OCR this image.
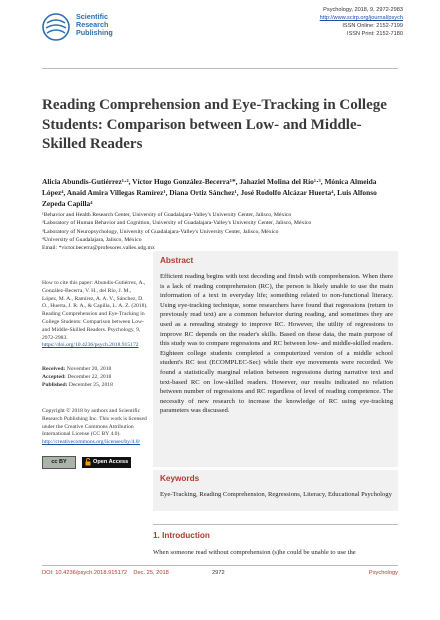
Scientific
Research
Publishing
Psychology, 2018, 9, 2972-2983
http://www.scirp.org/journal/psych
ISSN Online: 2152-7199
ISSN Print: 2152-7180
Reading Comprehension and Eye-Tracking in College Students: Comparison between Low- and Middle-Skilled Readers
Alicia Abundis-Gutiérrez¹·², Víctor Hugo González-Becerra¹*, Jahaziel Molina del Río¹·³, Mónica Almeida López⁴, Anaid Amira Villegas Ramírez¹, Diana Ortiz Sánchez¹, José Rodolfo Alcázar Huerta⁴, Luis Alfonso Zepeda Capilla⁴
¹Behavior and Health Research Center, University of Guadalajara-Valley's University Center, Jalisco, México
²Laboratory of Human Behavior and Cognition, University of Guadalajara-Valley's University Center, Jalisco, México
³Laboratory of Neuropsychology, University of Guadalajara-Valley's University Center, Jalisco, México
⁴University of Guadalajara, Jalisco, México
Email: *victor.becerra@profesores.valles.udg.mx
How to cite this paper: Abundis-Gutiérrez, A., González-Becerra, V. H., del Río, J. M., López, M. A., Ramírez, A. A. V., Sánchez, D. O., Huerta, J. R. A., & Capilla, L. A. Z. (2018). Reading Comprehension and Eye-Tracking in College Students: Comparison between Low- and Middle-Skilled Readers. Psychology, 9, 2972-2983. https://doi.org/10.4236/psych.2018.915172
Received: November 20, 2018
Accepted: December 22, 2018
Published: December 25, 2018
Copyright © 2018 by authors and Scientific Research Publishing Inc. This work is licensed under the Creative Commons Attribution International License (CC BY 4.0). http://creativecommons.org/licenses/by/4.0/
cc BY	Open Access
Abstract
Efficient reading begins with text decoding and finish with comprehension. When there is a lack of reading comprehension (RC), the person is likely unable to use the main information of a text in everyday life; something related to non-functional literacy. Using eye-tracking technique, some researchers have found that regressions (return to previously read text) are a common behavior during reading, and sometimes they are used as a rereading strategy to improve RC. However, the utility of regressions to improve RC depends on the reader's skills. Based on these data, the main purpose of this study was to compare regressions and RC between low- and middle-skilled readers. Eighteen college students completed a computerized version of a middle school student's RC test (ECOMPLEC-Sec) while their eye movements were recorded. We found a statistically marginal relation between regressions during narrative text and text-based RC on low-skilled readers. However, our results indicated no relation between number of regressions and RC regardless of level of reading competence. The necessity of new research to increase the knowledge of RC using eye-tracking parameters was discussed.
Keywords
Eye-Tracking, Reading Comprehension, Regressions, Literacy, Educational Psychology
1. Introduction
When someone read without comprehension (s)he could be unable to use the
DOI: 10.4236/psych.2018.915172 Dec. 25, 2018	2972	Psychology
